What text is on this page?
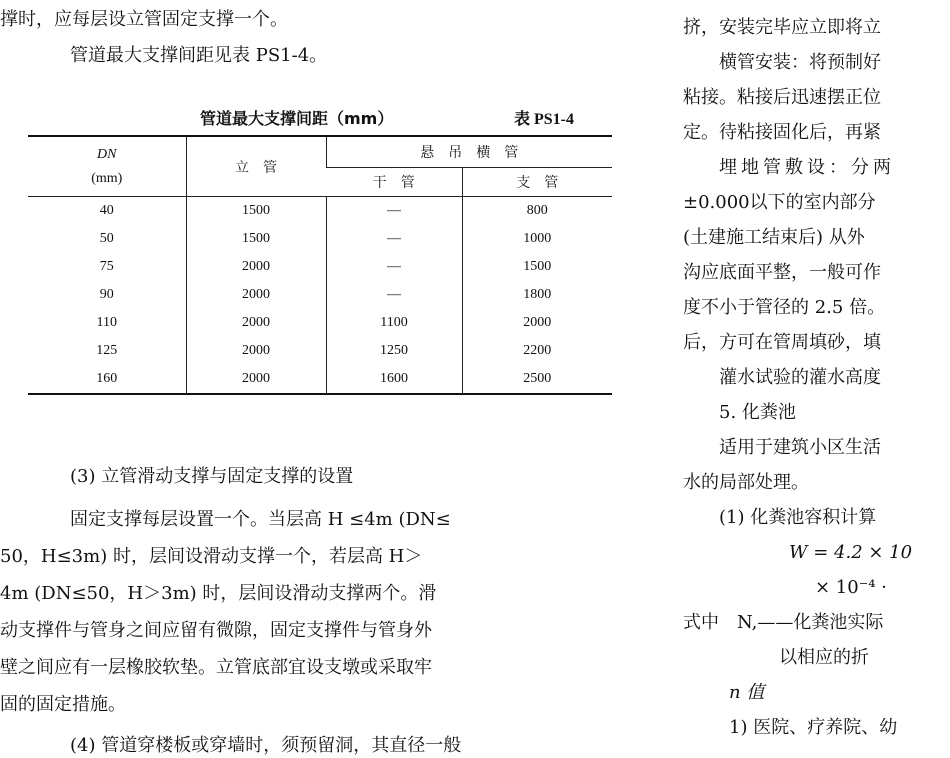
撑时，应每层设立管固定支撑一个。
管道最大支撑间距见表 PS1-4。
管道最大支撑间距（mm）	表 PS1-4
DN
(mm)	立　管	悬　吊　横　管	
		干　管	支　管
40	1500	—	800
50	1500	—	1000
75	2000	—	1500
90	2000	—	1800
110	2000	1100	2000
125	2000	1250	2200
160	2000	1600	2500
(3) 立管滑动支撑与固定支撑的设置
固定支撑每层设置一个。当层高 H ≤4m (DN≤
50，H≤3m) 时，层间设滑动支撑一个，若层高 H＞
4m (DN≤50，H＞3m) 时，层间设滑动支撑两个。滑
动支撑件与管身之间应留有微隙，固定支撑件与管身外
壁之间应有一层橡胶软垫。立管底部宜设支墩或采取牢
固的固定措施。
(4) 管道穿楼板或穿墙时，须预留洞，其直径一般
挤，安装完毕应立即将立
横管安装：将预制好
粘接。粘接后迅速摆正位
定。待粘接固化后，再紧
埋地管敷设：分两
±0.000以下的室内部分
(土建施工结束后) 从外
沟应底面平整，一般可作
度不小于管径的 2.5 倍。
后，方可在管周填砂，填
灌水试验的灌水高度
5. 化粪池
适用于建筑小区生活
水的局部处理。
(1) 化粪池容积计算
W = 4.2 × 10
× 10⁻⁴ ·
式中　N,——化粪池实际
以相应的折
n 值
1) 医院、疗养院、幼
